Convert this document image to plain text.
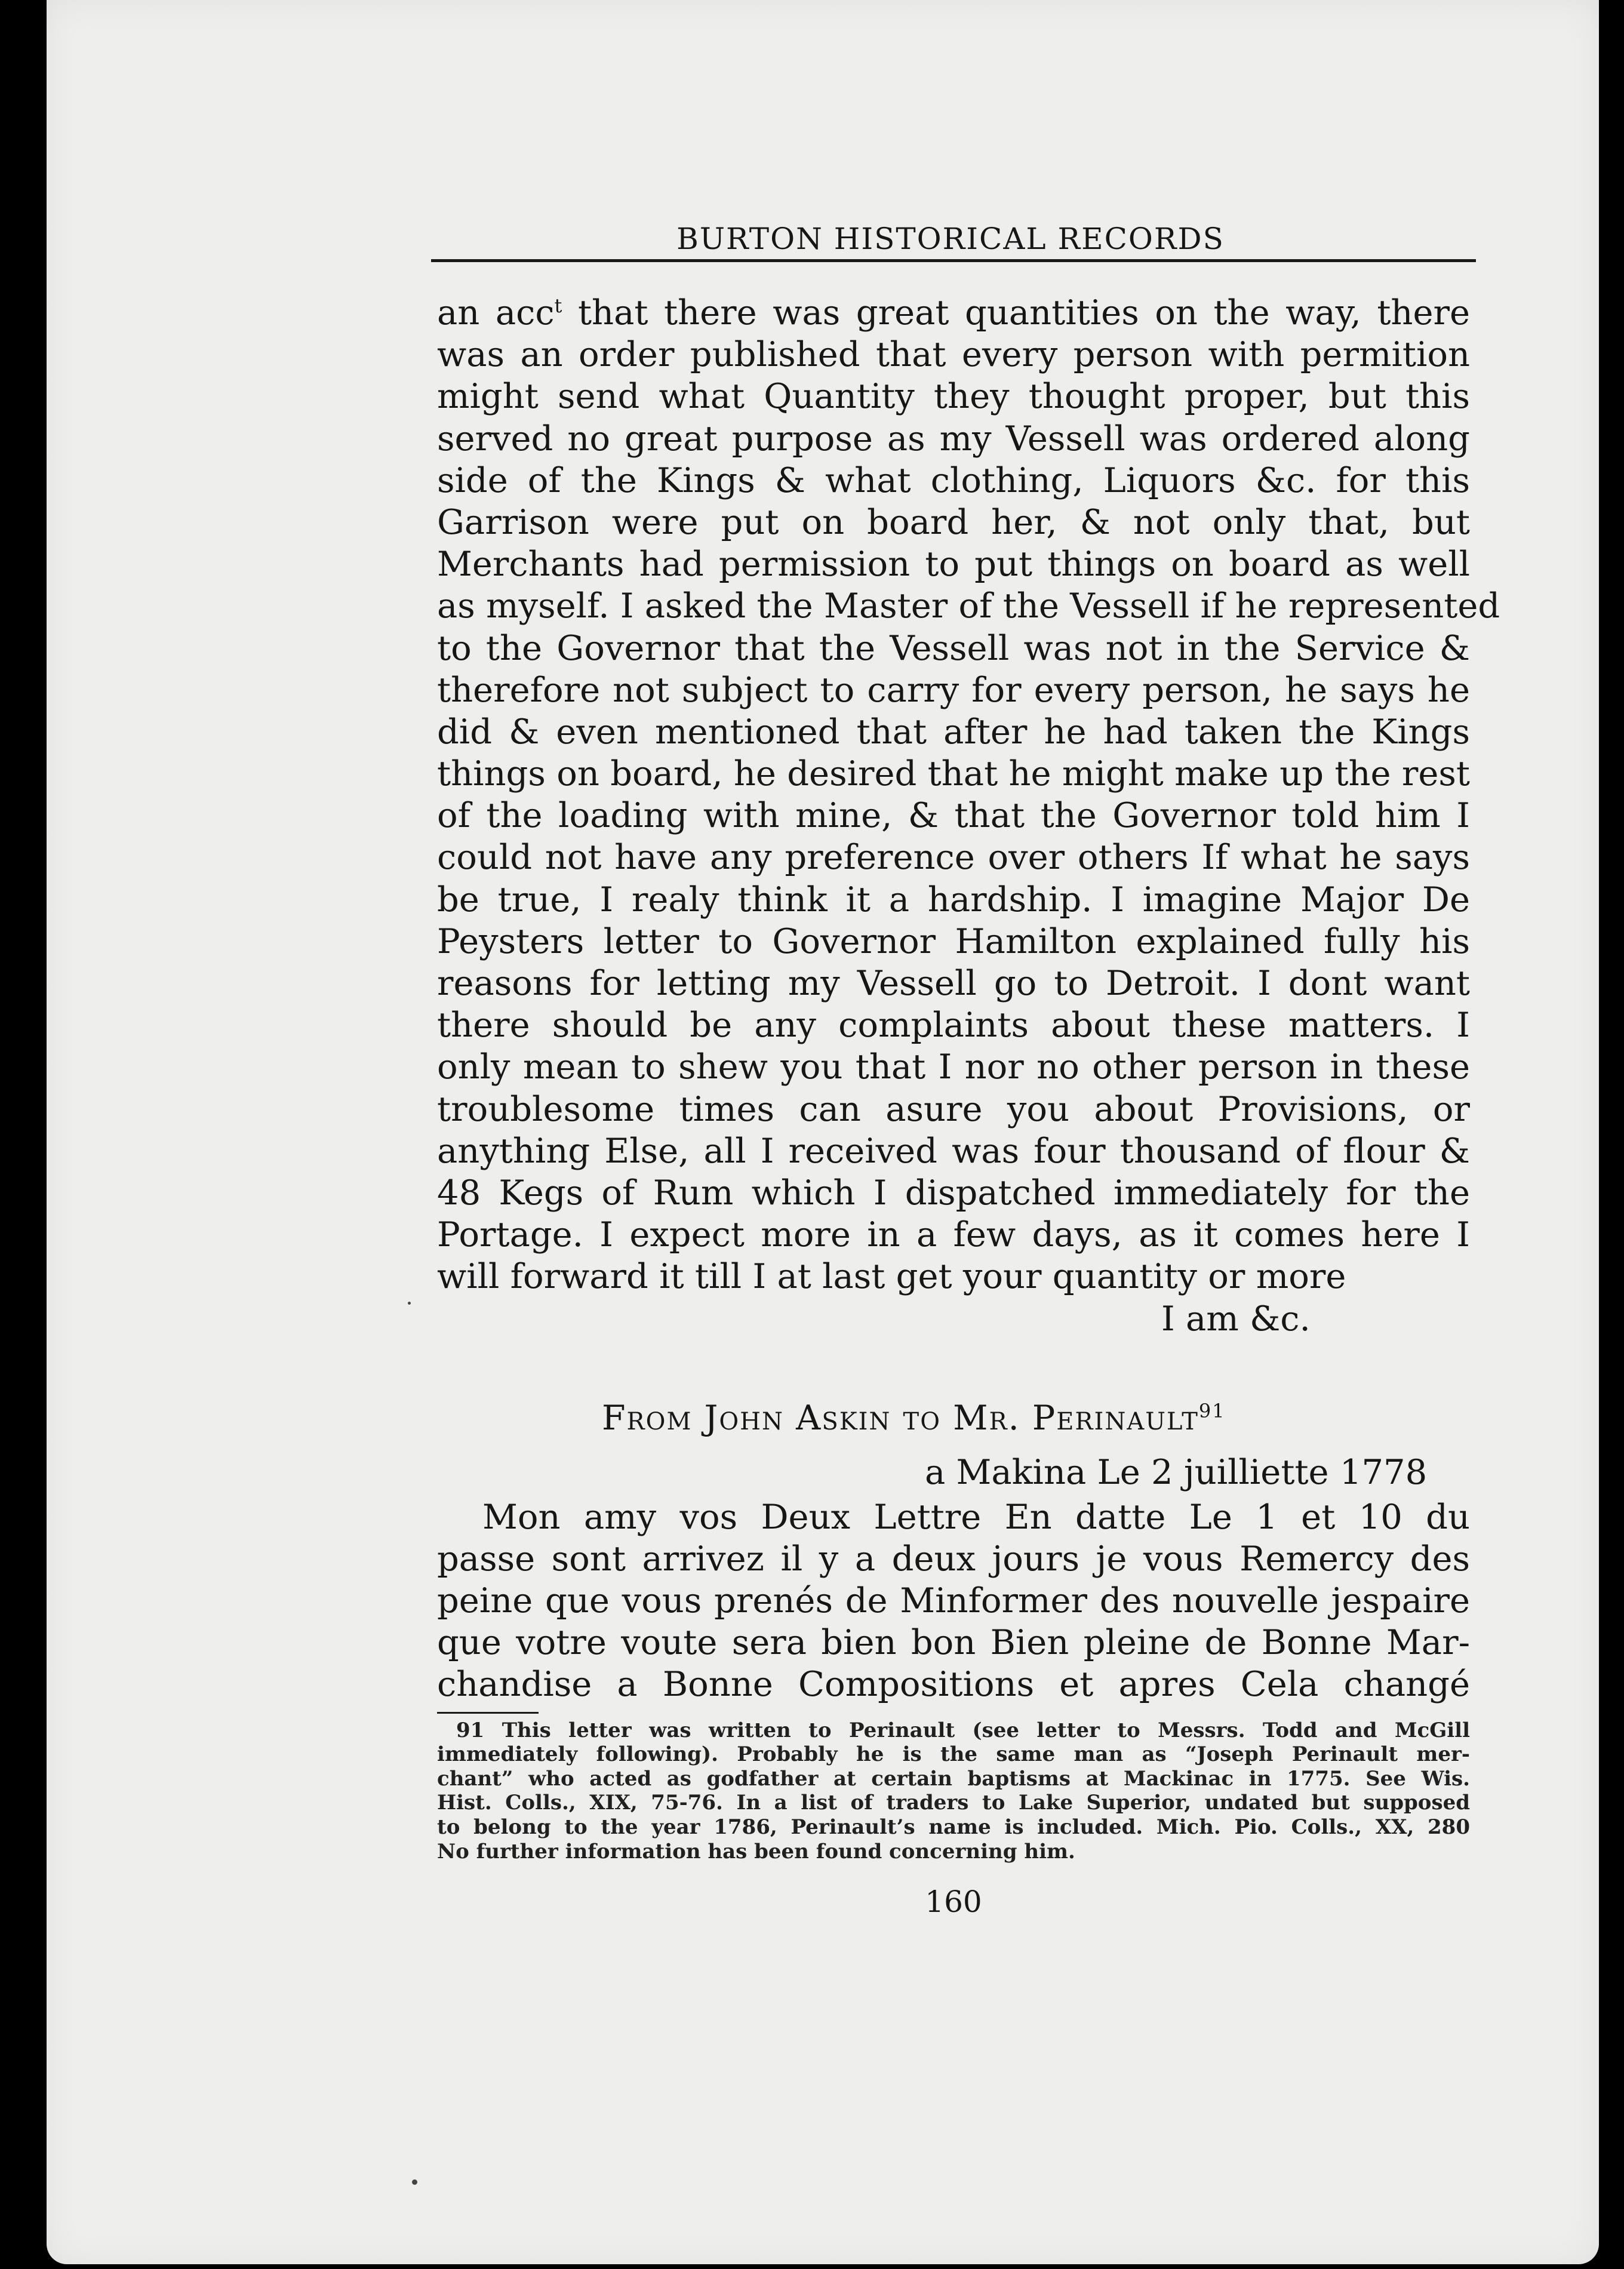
BURTON HISTORICAL RECORDS
an acc$^t$ that there was great quantities on the way, there
was an order published that every person with permition
might send what Quantity they thought proper, but this
served no great purpose as my Vessell was ordered along
side of the Kings & what clothing, Liquors &c. for this
Garrison were put on board her, & not only that, but
Merchants had permission to put things on board as well
as myself. I asked the Master of the Vessell if he represented
to the Governor that the Vessell was not in the Service &
therefore not subject to carry for every person, he says he
did & even mentioned that after he had taken the Kings
things on board, he desired that he might make up the rest
of the loading with mine, & that the Governor told him I
could not have any preference over others If what he says
be true, I realy think it a hardship. I imagine Major De
Peysters letter to Governor Hamilton explained fully his
reasons for letting my Vessell go to Detroit. I dont want
there should be any complaints about these matters. I
only mean to shew you that I nor no other person in these
troublesome times can asure you about Provisions, or
anything Else, all I received was four thousand of flour &
48 Kegs of Rum which I dispatched immediately for the
Portage. I expect more in a few days, as it comes here I
will forward it till I at last get your quantity or more
I am &c.
From John Askin to Mr. Perinault$^{91}$
a Makina Le 2 juilliette 1778
Mon amy vos Deux Lettre En datte Le 1 et 10 du
passe sont arrivez il y a deux jours je vous Remercy des
peine que vous prenés de Minformer des nouvelle jespaire
que votre voute sera bien bon Bien pleine de Bonne Mar-
chandise a Bonne Compositions et apres Cela changé
91 This letter was written to Perinault (see letter to Messrs. Todd and McGill
immediately following). Probably he is the same man as “Joseph Perinault mer-
chant” who acted as godfather at certain baptisms at Mackinac in 1775. See Wis.
Hist. Colls., XIX, 75-76. In a list of traders to Lake Superior, undated but supposed
to belong to the year 1786, Perinault’s name is included. Mich. Pio. Colls., XX, 280
No further information has been found concerning him.
160
